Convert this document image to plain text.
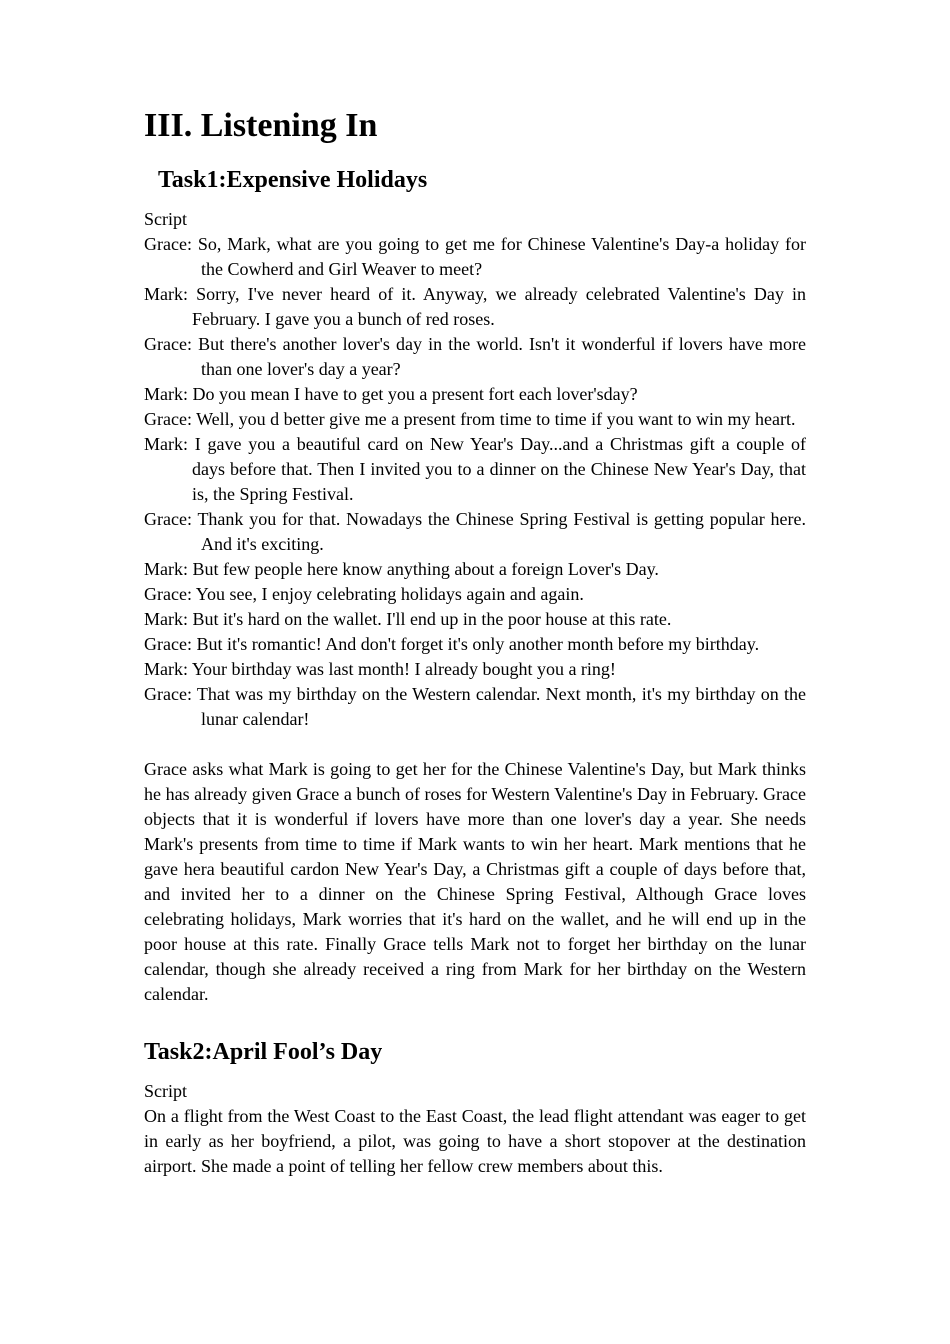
III. Listening In
Task1:Expensive Holidays
Script
Grace: So, Mark, what are you going to get me for Chinese Valentine's Day-a holiday for the Cowherd and Girl Weaver to meet?
Mark: Sorry, I've never heard of it. Anyway, we already celebrated Valentine's Day in February. I gave you a bunch of red roses.
Grace: But there's another lover's day in the world. Isn't it wonderful if lovers have more than one lover's day a year?
Mark: Do you mean I have to get you a present fort each lover'sday?
Grace: Well, you d better give me a present from time to time if you want to win my heart.
Mark: I gave you a beautiful card on New Year's Day...and a Christmas gift a couple of days before that. Then I invited you to a dinner on the Chinese New Year's Day, that is, the Spring Festival.
Grace: Thank you for that. Nowadays the Chinese Spring Festival is getting popular here. And it's exciting.
Mark: But few people here know anything about a foreign Lover's Day.
Grace: You see, I enjoy celebrating holidays again and again.
Mark: But it's hard on the wallet. I'll end up in the poor house at this rate.
Grace: But it's romantic! And don't forget it's only another month before my birthday.
Mark: Your birthday was last month! I already bought you a ring!
Grace: That was my birthday on the Western calendar. Next month, it's my birthday on the lunar calendar!
Grace asks what Mark is going to get her for the Chinese Valentine's Day, but Mark thinks he has already given Grace a bunch of roses for Western Valentine's Day in February. Grace objects that it is wonderful if lovers have more than one lover's day a year. She needs Mark's presents from time to time if Mark wants to win her heart. Mark mentions that he gave hera beautiful cardon New Year's Day, a Christmas gift a couple of days before that, and invited her to a dinner on the Chinese Spring Festival, Although Grace loves celebrating holidays, Mark worries that it's hard on the wallet, and he will end up in the poor house at this rate. Finally Grace tells Mark not to forget her birthday on the lunar calendar, though she already received a ring from Mark for her birthday on the Western calendar.
Task2:April Fool’s Day
Script
On a flight from the West Coast to the East Coast, the lead flight attendant was eager to get in early as her boyfriend, a pilot, was going to have a short stopover at the destination airport. She made a point of telling her fellow crew members about this.
